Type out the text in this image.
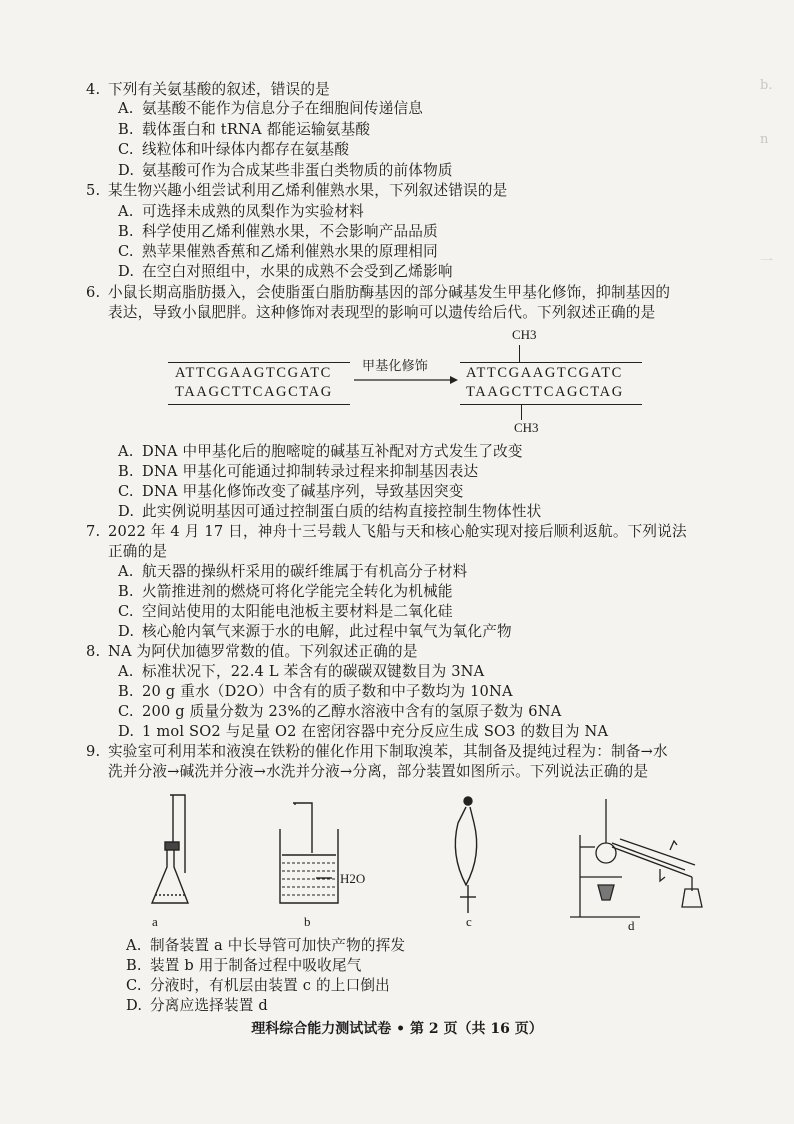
b.
n
一
4. 下列有关氨基酸的叙述，错误的是
A. 氨基酸不能作为信息分子在细胞间传递信息
B. 载体蛋白和 tRNA 都能运输氨基酸
C. 线粒体和叶绿体内都存在氨基酸
D. 氨基酸可作为合成某些非蛋白类物质的前体物质
5. 某生物兴趣小组尝试利用乙烯利催熟水果，下列叙述错误的是
A. 可选择未成熟的凤梨作为实验材料
B. 科学使用乙烯利催熟水果，不会影响产品品质
C. 熟苹果催熟香蕉和乙烯利催熟水果的原理相同
D. 在空白对照组中，水果的成熟不会受到乙烯影响
6. 小鼠长期高脂肪摄入，会使脂蛋白脂肪酶基因的部分碱基发生甲基化修饰，抑制基因的
表达，导致小鼠肥胖。这种修饰对表现型的影响可以遗传给后代。下列叙述正确的是
ATTCGAAGTCGATC
TAAGCTTCAGCTAG
甲基化修饰
CH3
ATTCGAAGTCGATC
TAAGCTTCAGCTAG
CH3
A. DNA 中甲基化后的胞嘧啶的碱基互补配对方式发生了改变
B. DNA 甲基化可能通过抑制转录过程来抑制基因表达
C. DNA 甲基化修饰改变了碱基序列，导致基因突变
D. 此实例说明基因可通过控制蛋白质的结构直接控制生物体性状
7. 2022 年 4 月 17 日，神舟十三号载人飞船与天和核心舱实现对接后顺利返航。下列说法
正确的是
A. 航天器的操纵杆采用的碳纤维属于有机高分子材料
B. 火箭推进剂的燃烧可将化学能完全转化为机械能
C. 空间站使用的太阳能电池板主要材料是二氧化硅
D. 核心舱内氧气来源于水的电解，此过程中氧气为氧化产物
8. NA 为阿伏加德罗常数的值。下列叙述正确的是
A. 标准状况下，22.4 L 苯含有的碳碳双键数目为 3NA
B. 20 g 重水（D2O）中含有的质子数和中子数均为 10NA
C. 200 g 质量分数为 23%的乙醇水溶液中含有的氢原子数为 6NA
D. 1 mol SO2 与足量 O2 在密闭容器中充分反应生成 SO3 的数目为 NA
9. 实验室可利用苯和液溴在铁粉的催化作用下制取溴苯，其制备及提纯过程为：制备→水
洗并分液→碱洗并分液→水洗并分液→分离，部分装置如图所示。下列说法正确的是
a	b
H2O
c	d
A. 制备装置 a 中长导管可加快产物的挥发
B. 装置 b 用于制备过程中吸收尾气
C. 分液时，有机层由装置 c 的上口倒出
D. 分离应选择装置 d
理科综合能力测试试卷 • 第 2 页（共 16 页）
